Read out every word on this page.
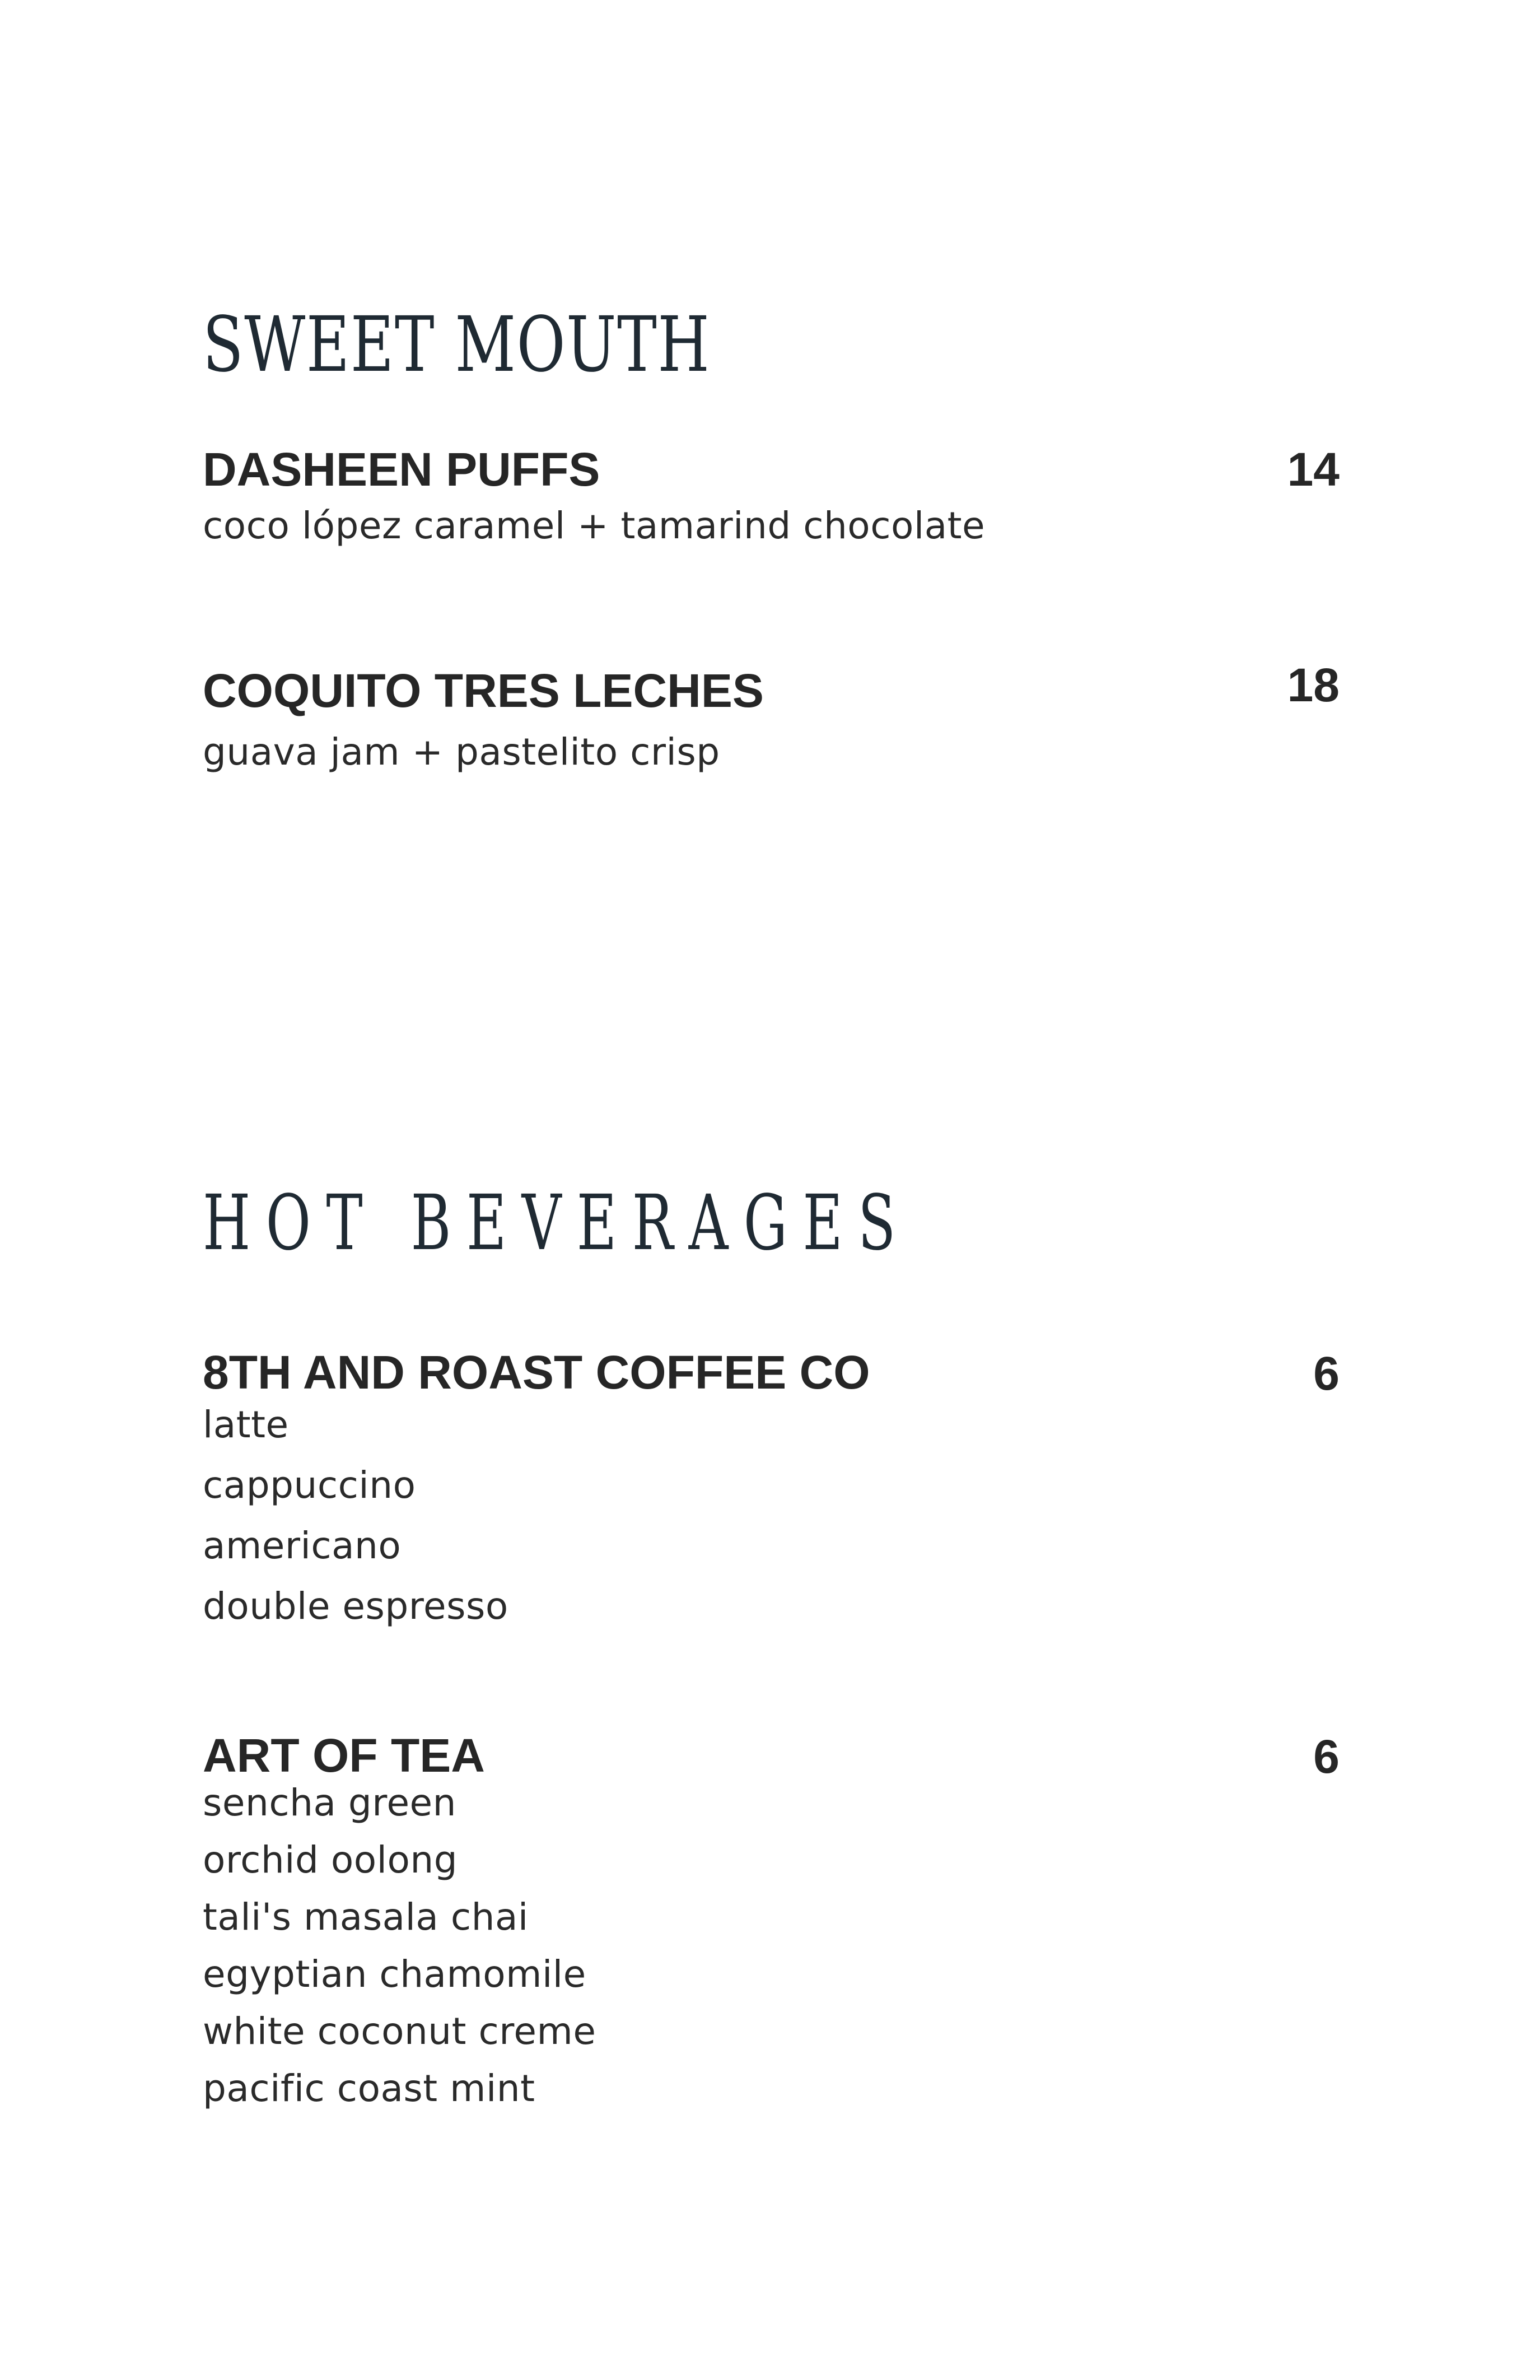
SWEET MOUTH
DASHEEN PUFFS	14

coco lópez caramel + tamarind chocolate

COQUITO TRES LECHES	18

guava jam + pastelito crisp

HOT BEVERAGES
8TH AND ROAST COFFEE CO	6
latte
cappuccino
americano
double espresso
ART OF TEA	6
sencha green
orchid oolong
tali's masala chai
egyptian chamomile
white coconut creme
pacific coast mint
